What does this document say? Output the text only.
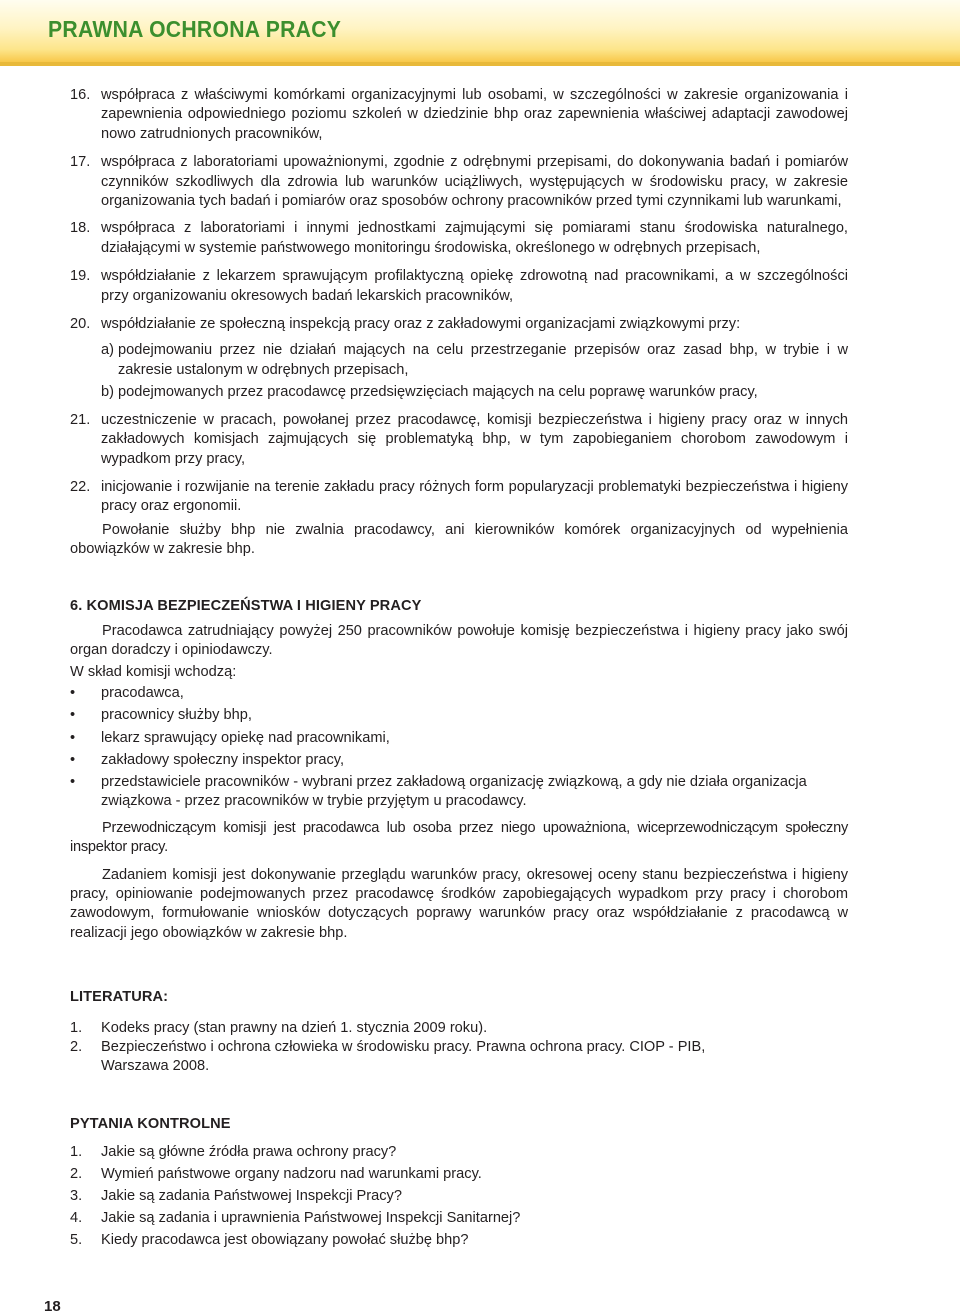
PRAWNA OCHRONA PRACY
16. współpraca z właściwymi komórkami organizacyjnymi lub osobami, w szczególności w zakresie organizowania i zapewnienia odpowiedniego poziomu szkoleń w dziedzinie bhp oraz zapewnienia właściwej adaptacji zawodowej nowo zatrudnionych pracowników,
17. współpraca z laboratoriami upoważnionymi, zgodnie z odrębnymi przepisami, do dokonywania badań i pomiarów czynników szkodliwych dla zdrowia lub warunków uciążliwych, występujących w środowisku pracy, w zakresie organizowania tych badań i pomiarów oraz sposobów ochrony pracowników przed tymi czynnikami lub warunkami,
18. współpraca z laboratoriami i innymi jednostkami zajmującymi się pomiarami stanu środowiska naturalnego, działającymi w systemie państwowego monitoringu środowiska, określonego w odrębnych przepisach,
19. współdziałanie z lekarzem sprawującym profilaktyczną opiekę zdrowotną nad pracownikami, a w szczególności przy organizowaniu okresowych badań lekarskich pracowników,
20. współdziałanie ze społeczną inspekcją pracy oraz z zakładowymi organizacjami związkowymi przy:
a) podejmowaniu przez nie działań mających na celu przestrzeganie przepisów oraz zasad bhp, w trybie i w zakresie ustalonym w odrębnych przepisach,
b) podejmowanych przez pracodawcę przedsięwzięciach mających na celu poprawę warunków pracy,
21. uczestniczenie w pracach, powołanej przez pracodawcę, komisji bezpieczeństwa i higieny pracy oraz w innych zakładowych komisjach zajmujących się problematyką bhp, w tym zapobieganiem chorobom zawodowym i wypadkom przy pracy,
22. inicjowanie i rozwijanie na terenie zakładu pracy różnych form popularyzacji problematyki bezpieczeństwa i higieny pracy oraz ergonomii.

Powołanie służby bhp nie zwalnia pracodawcy, ani kierowników komórek organizacyjnych od wypełnienia obowiązków w zakresie bhp.

6. KOMISJA BEZPIECZEŃSTWA I HIGIENY PRACY

Pracodawca zatrudniający powyżej 250 pracowników powołuje komisję bezpieczeństwa i higieny pracy jako swój organ doradczy i opiniodawczy.

W skład komisji wchodzą:

•	pracodawca,
•	pracownicy służby bhp,
•	lekarz sprawujący opiekę nad pracownikami,
•	zakładowy społeczny inspektor pracy,
•	przedstawiciele pracowników - wybrani przez zakładową organizację związkową, a gdy nie działa organizacja związkowa - przez pracowników w trybie przyjętym u pracodawcy.

Przewodniczącym komisji jest pracodawca lub osoba przez niego upoważniona, wiceprzewodniczącym społeczny inspektor pracy.

Zadaniem komisji jest dokonywanie przeglądu warunków pracy, okresowej oceny stanu bezpieczeństwa i higieny pracy, opiniowanie podejmowanych przez pracodawcę środków zapobiegających wypadkom przy pracy i chorobom zawodowym, formułowanie wniosków dotyczących poprawy warunków pracy oraz współdziałanie z pracodawcą w realizacji jego obowiązków w zakresie bhp.

LITERATURA:
1.	Kodeks pracy (stan prawny na dzień 1. stycznia 2009 roku).
2.	Bezpieczeństwo i ochrona człowieka w środowisku pracy. Prawna ochrona pracy. CIOP - PIB, Warszawa 2008.
PYTANIA KONTROLNE
1.	Jakie są główne źródła prawa ochrony pracy?
2.	Wymień państwowe organy nadzoru nad warunkami pracy.
3.	Jakie są zadania Państwowej Inspekcji Pracy?
4.	Jakie są zadania i uprawnienia Państwowej Inspekcji Sanitarnej?
5.	Kiedy pracodawca jest obowiązany powołać służbę bhp?
18
